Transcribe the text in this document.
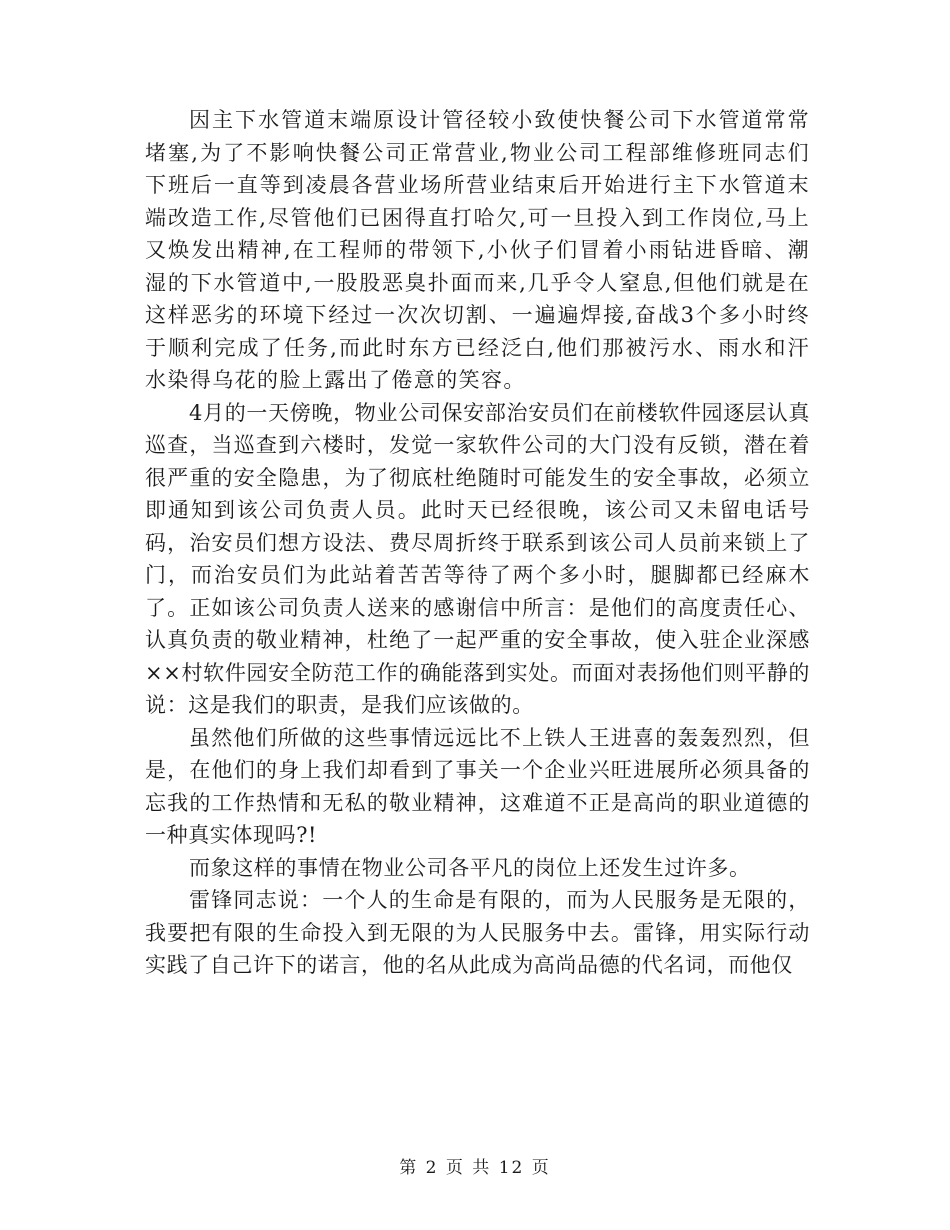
因主下水管道末端原设计管径较小致使快餐公司下水管道常常堵塞,为了不影响快餐公司正常营业,物业公司工程部维修班同志们下班后一直等到凌晨各营业场所营业结束后开始进行主下水管道末端改造工作,尽管他们已困得直打哈欠,可一旦投入到工作岗位,马上又焕发出精神,在工程师的带领下,小伙子们冒着小雨钻进昏暗、潮湿的下水管道中,一股股恶臭扑面而来,几乎令人窒息,但他们就是在这样恶劣的环境下经过一次次切割、一遍遍焊接,奋战3个多小时终于顺利完成了任务,而此时东方已经泛白,他们那被污水、雨水和汗水染得乌花的脸上露出了倦意的笑容。

4月的一天傍晚，物业公司保安部治安员们在前楼软件园逐层认真巡查，当巡查到六楼时，发觉一家软件公司的大门没有反锁，潜在着很严重的安全隐患，为了彻底杜绝随时可能发生的安全事故，必须立即通知到该公司负责人员。此时天已经很晚，该公司又未留电话号码，治安员们想方设法、费尽周折终于联系到该公司人员前来锁上了门，而治安员们为此站着苦苦等待了两个多小时，腿脚都已经麻木了。正如该公司负责人送来的感谢信中所言：是他们的高度责任心、认真负责的敬业精神，杜绝了一起严重的安全事故，使入驻企业深感××村软件园安全防范工作的确能落到实处。而面对表扬他们则平静的说：这是我们的职责，是我们应该做的。

虽然他们所做的这些事情远远比不上铁人王进喜的轰轰烈烈，但是，在他们的身上我们却看到了事关一个企业兴旺进展所必须具备的忘我的工作热情和无私的敬业精神，这难道不正是高尚的职业道德的一种真实体现吗?!

而象这样的事情在物业公司各平凡的岗位上还发生过许多。

雷锋同志说：一个人的生命是有限的，而为人民服务是无限的，我要把有限的生命投入到无限的为人民服务中去。雷锋，用实际行动实践了自己许下的诺言，他的名从此成为高尚品德的代名词，而他仅

第 2 页 共 12 页
